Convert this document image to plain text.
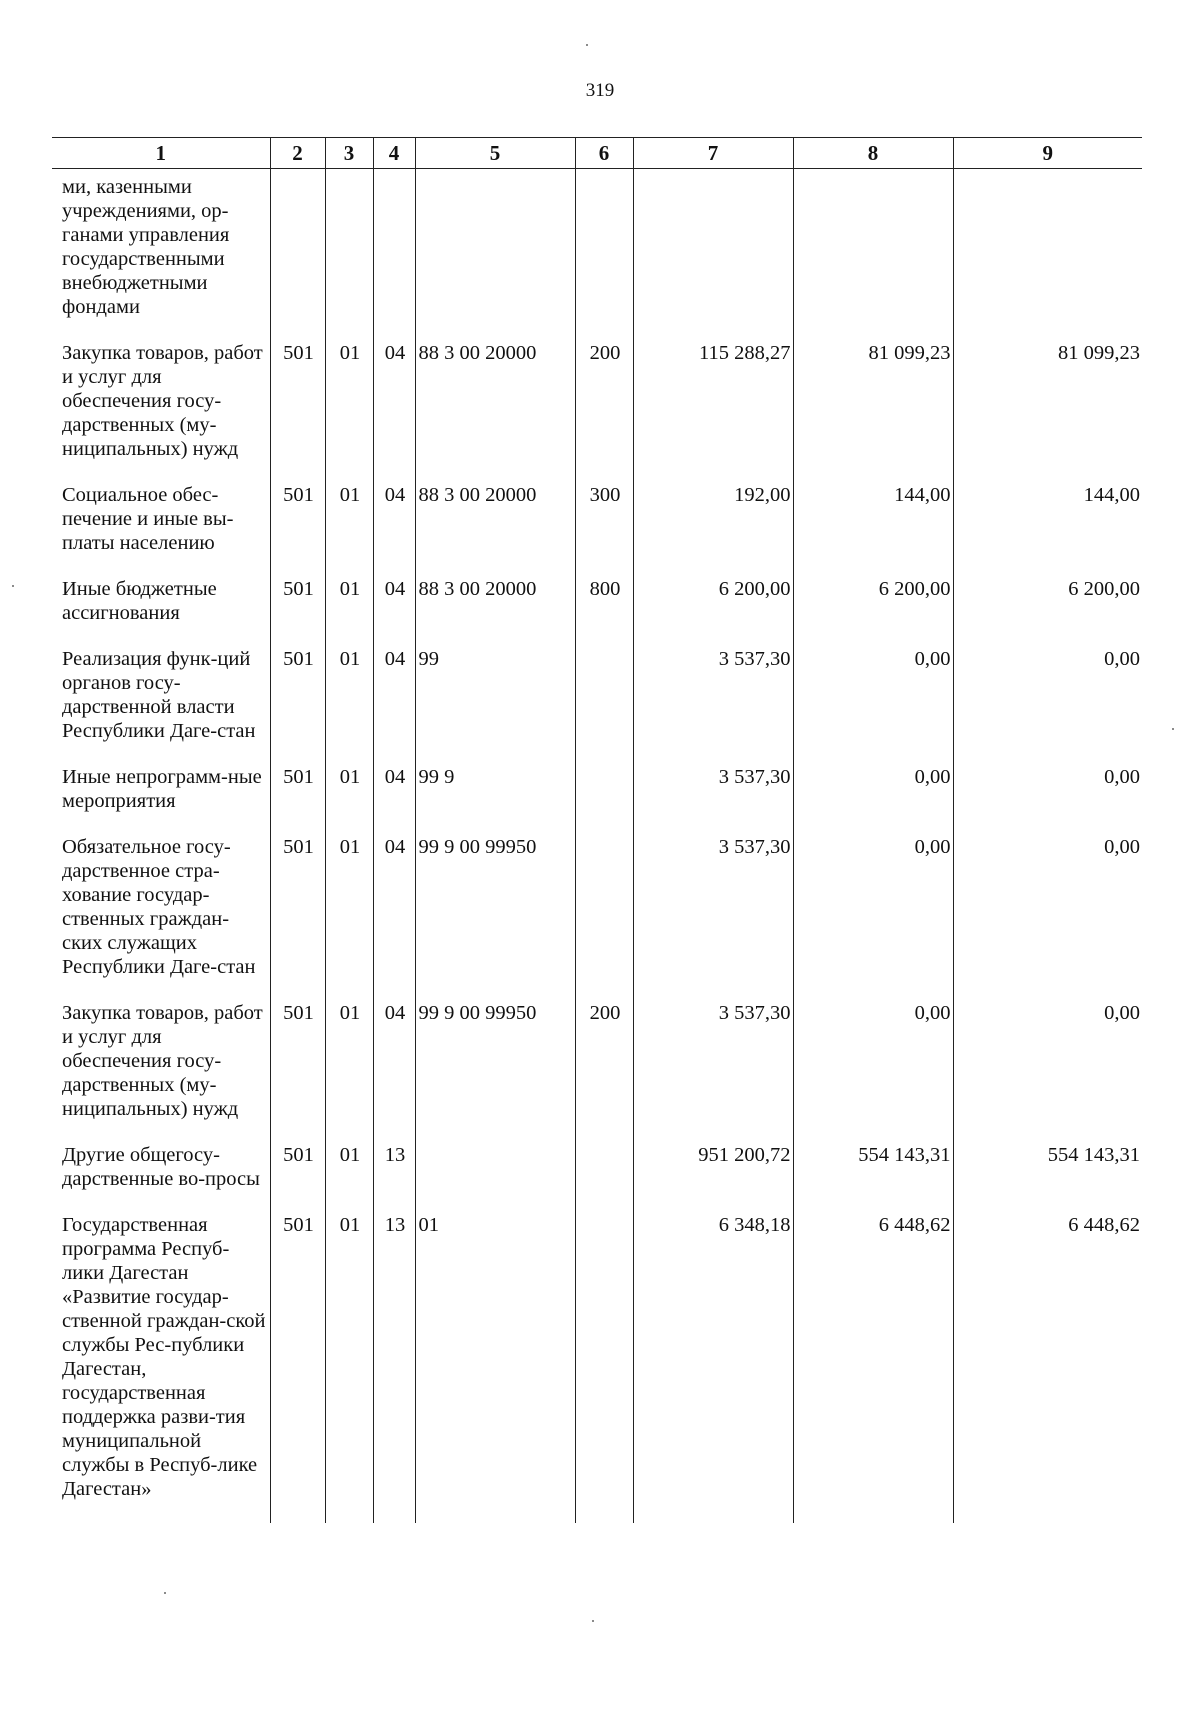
319
1	2	3	4	5	6	7	8	9
ми, казенными учреждениями, ор-ганами управления государственными внебюджетными фондами								
Закупка товаров, работ и услуг для обеспечения госу-дарственных (му-ниципальных) нужд	501	01	04	88 3 00 20000	200	115 288,27	81 099,23	81 099,23
Социальное обес-печение и иные вы-платы населению	501	01	04	88 3 00 20000	300	192,00	144,00	144,00
Иные бюджетные ассигнования	501	01	04	88 3 00 20000	800	6 200,00	6 200,00	6 200,00
Реализация функ-ций органов госу-дарственной власти Республики Даге-стан	501	01	04	99		3 537,30	0,00	0,00
Иные непрограмм-ные мероприятия	501	01	04	99 9		3 537,30	0,00	0,00
Обязательное госу-дарственное стра-хование государ-ственных граждан-ских служащих Республики Даге-стан	501	01	04	99 9 00 99950		3 537,30	0,00	0,00
Закупка товаров, работ и услуг для обеспечения госу-дарственных (му-ниципальных) нужд	501	01	04	99 9 00 99950	200	3 537,30	0,00	0,00
Другие общегосу-дарственные во-просы	501	01	13			951 200,72	554 143,31	554 143,31
Государственная программа Респуб-лики Дагестан «Развитие государ-ственной граждан-ской службы Рес-публики Дагестан, государственная поддержка разви-тия муниципальной службы в Респуб-лике Дагестан»	501	01	13	01		6 348,18	6 448,62	6 448,62
